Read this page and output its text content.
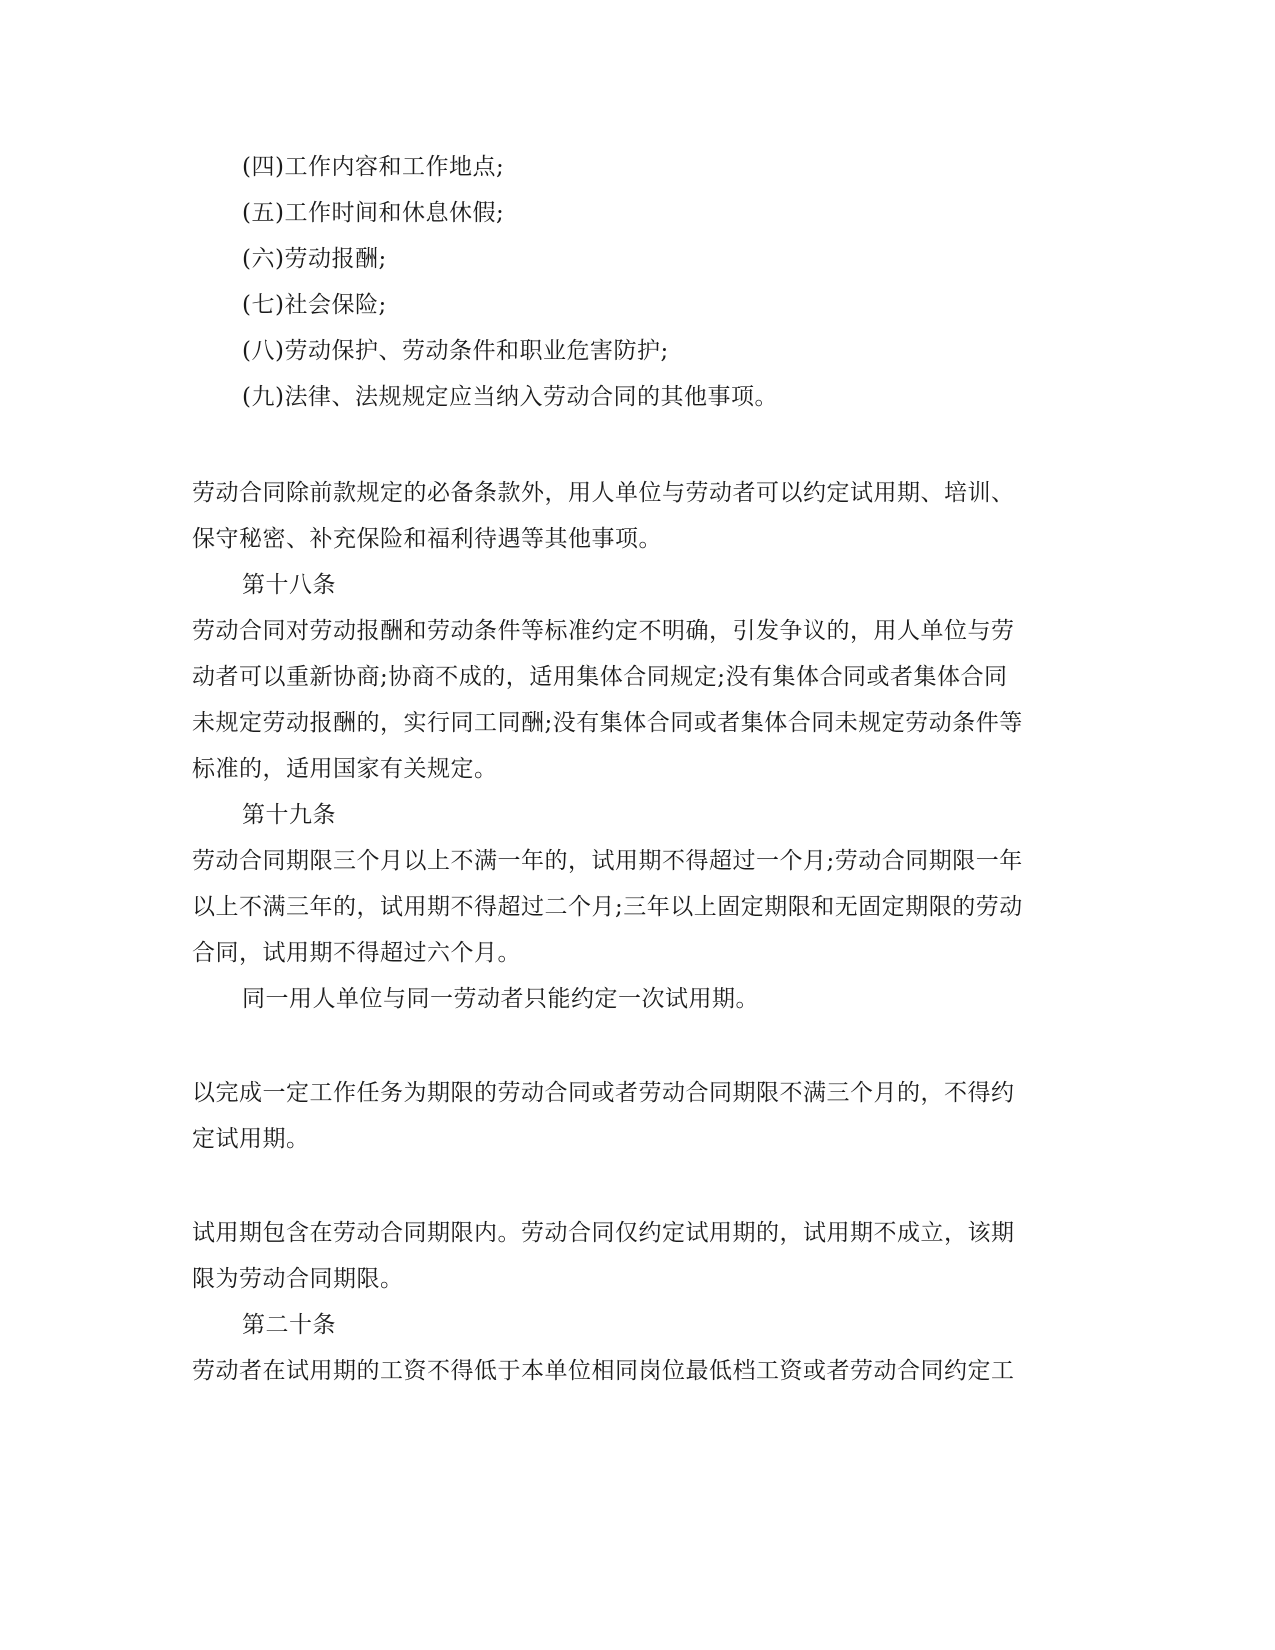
(四)工作内容和工作地点;
(五)工作时间和休息休假;
(六)劳动报酬;
(七)社会保险;
(八)劳动保护、劳动条件和职业危害防护;
(九)法律、法规规定应当纳入劳动合同的其他事项。
劳动合同除前款规定的必备条款外，用人单位与劳动者可以约定试用期、培训、
保守秘密、补充保险和福利待遇等其他事项。
第十八条
劳动合同对劳动报酬和劳动条件等标准约定不明确，引发争议的，用人单位与劳
动者可以重新协商;协商不成的，适用集体合同规定;没有集体合同或者集体合同
未规定劳动报酬的，实行同工同酬;没有集体合同或者集体合同未规定劳动条件等
标准的，适用国家有关规定。
第十九条
劳动合同期限三个月以上不满一年的，试用期不得超过一个月;劳动合同期限一年
以上不满三年的，试用期不得超过二个月;三年以上固定期限和无固定期限的劳动
合同，试用期不得超过六个月。
同一用人单位与同一劳动者只能约定一次试用期。
以完成一定工作任务为期限的劳动合同或者劳动合同期限不满三个月的，不得约
定试用期。
试用期包含在劳动合同期限内。劳动合同仅约定试用期的，试用期不成立，该期
限为劳动合同期限。
第二十条
劳动者在试用期的工资不得低于本单位相同岗位最低档工资或者劳动合同约定工
